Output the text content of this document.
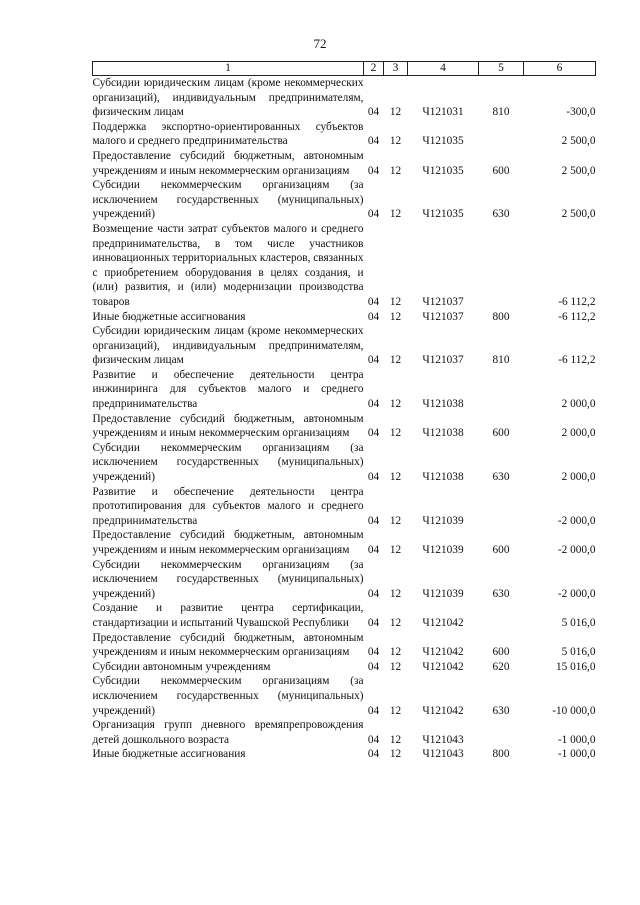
72
1	2	3	4	5	6
Субсидии юридическим лицам (кроме некоммерческих организаций), индивидуальным предпринимателям, физическим лицам	04	12	Ч121031	810	-300,0
Поддержка экспортно-ориентированных субъектов малого и среднего предпринимательства	04	12	Ч121035		2 500,0
Предоставление субсидий бюджетным, автономным учреждениям и иным некоммерческим организациям	04	12	Ч121035	600	2 500,0
Субсидии некоммерческим организациям (за исключением государственных (муниципальных) учреждений)	04	12	Ч121035	630	2 500,0
Возмещение части затрат субъектов малого и среднего предпринимательства, в том числе участников инновационных территориальных кластеров, связанных с приобретением оборудования в целях создания, и (или) развития, и (или) модернизации производства товаров	04	12	Ч121037		-6 112,2
Иные бюджетные ассигнования	04	12	Ч121037	800	-6 112,2
Субсидии юридическим лицам (кроме некоммерческих организаций), индивидуальным предпринимателям, физическим лицам	04	12	Ч121037	810	-6 112,2
Развитие и обеспечение деятельности центра инжиниринга для субъектов малого и среднего предпринимательства	04	12	Ч121038		2 000,0
Предоставление субсидий бюджетным, автономным учреждениям и иным некоммерческим организациям	04	12	Ч121038	600	2 000,0
Субсидии некоммерческим организациям (за исключением государственных (муниципальных) учреждений)	04	12	Ч121038	630	2 000,0
Развитие и обеспечение деятельности центра прототипирования для субъектов малого и среднего предпринимательства	04	12	Ч121039		-2 000,0
Предоставление субсидий бюджетным, автономным учреждениям и иным некоммерческим организациям	04	12	Ч121039	600	-2 000,0
Субсидии некоммерческим организациям (за исключением государственных (муниципальных) учреждений)	04	12	Ч121039	630	-2 000,0
Создание и развитие центра сертификации, стандартизации и испытаний Чувашской Республики	04	12	Ч121042		5 016,0
Предоставление субсидий бюджетным, автономным учреждениям и иным некоммерческим организациям	04	12	Ч121042	600	5 016,0
Субсидии автономным учреждениям	04	12	Ч121042	620	15 016,0
Субсидии некоммерческим организациям (за исключением государственных (муниципальных) учреждений)	04	12	Ч121042	630	-10 000,0
Организация групп дневного времяпрепровождения детей дошкольного возраста	04	12	Ч121043		-1 000,0
Иные бюджетные ассигнования	04	12	Ч121043	800	-1 000,0
